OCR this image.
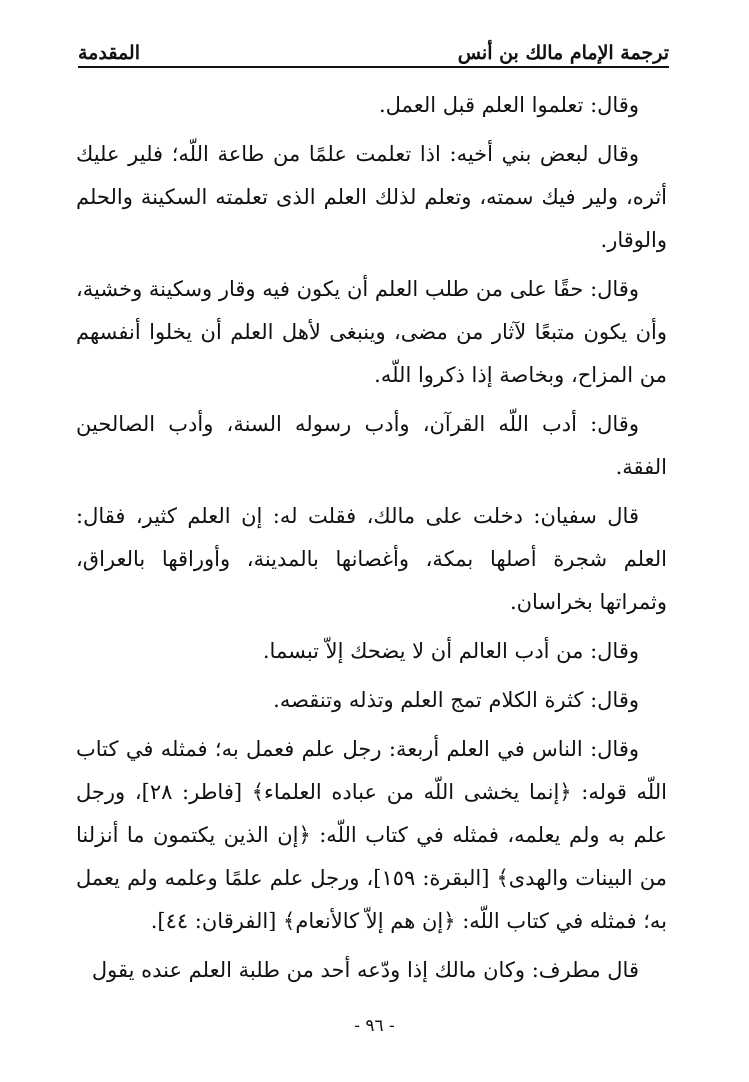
ترجمة الإمام مالك بن أنس
المقدمة

وقال: تعلموا العلم قبل العمل.

وقال لبعض بني أخيه: اذا تعلمت علمًا من طاعة اللّه؛ فلير عليك أثره، ولير فيك سمته، وتعلم لذلك العلم الذى تعلمته السكينة والحلم والوقار.

وقال: حقًا على من طلب العلم أن يكون فيه وقار وسكينة وخشية، وأن يكون متبعًا لآثار من مضى، وينبغى لأهل العلم أن يخلوا أنفسهم من المزاح، وبخاصة إذا ذكروا اللّه.

وقال: أدب اللّه القرآن، وأدب رسوله السنة، وأدب الصالحين الفقة.

قال سفيان: دخلت على مالك، فقلت له: إن العلم كثير، فقال: العلم شجرة أصلها بمكة، وأغصانها بالمدينة، وأوراقها بالعراق، وثمراتها بخراسان.

وقال: من أدب العالم أن لا يضحك إلاّ تبسما.

وقال: كثرة الكلام تمج العلم وتذله وتنقصه.

وقال: الناس في العلم أربعة: رجل علم فعمل به؛ فمثله في كتاب اللّه قوله: ﴿إنما يخشى اللّه من عباده العلماء﴾ [فاطر: ٢٨]، ورجل علم به ولم يعلمه، فمثله في كتاب اللّه: ﴿إن الذين يكتمون ما أنزلنا من البينات والهدى﴾ [البقرة: ١٥٩]، ورجل علم علمًا وعلمه ولم يعمل به؛ فمثله في كتاب اللّه: ﴿إن هم إلاّ كالأنعام﴾ [الفرقان: ٤٤].

قال مطرف: وكان مالك إذا ودّعه أحد من طلبة العلم عنده يقول

- ٩٦ -
